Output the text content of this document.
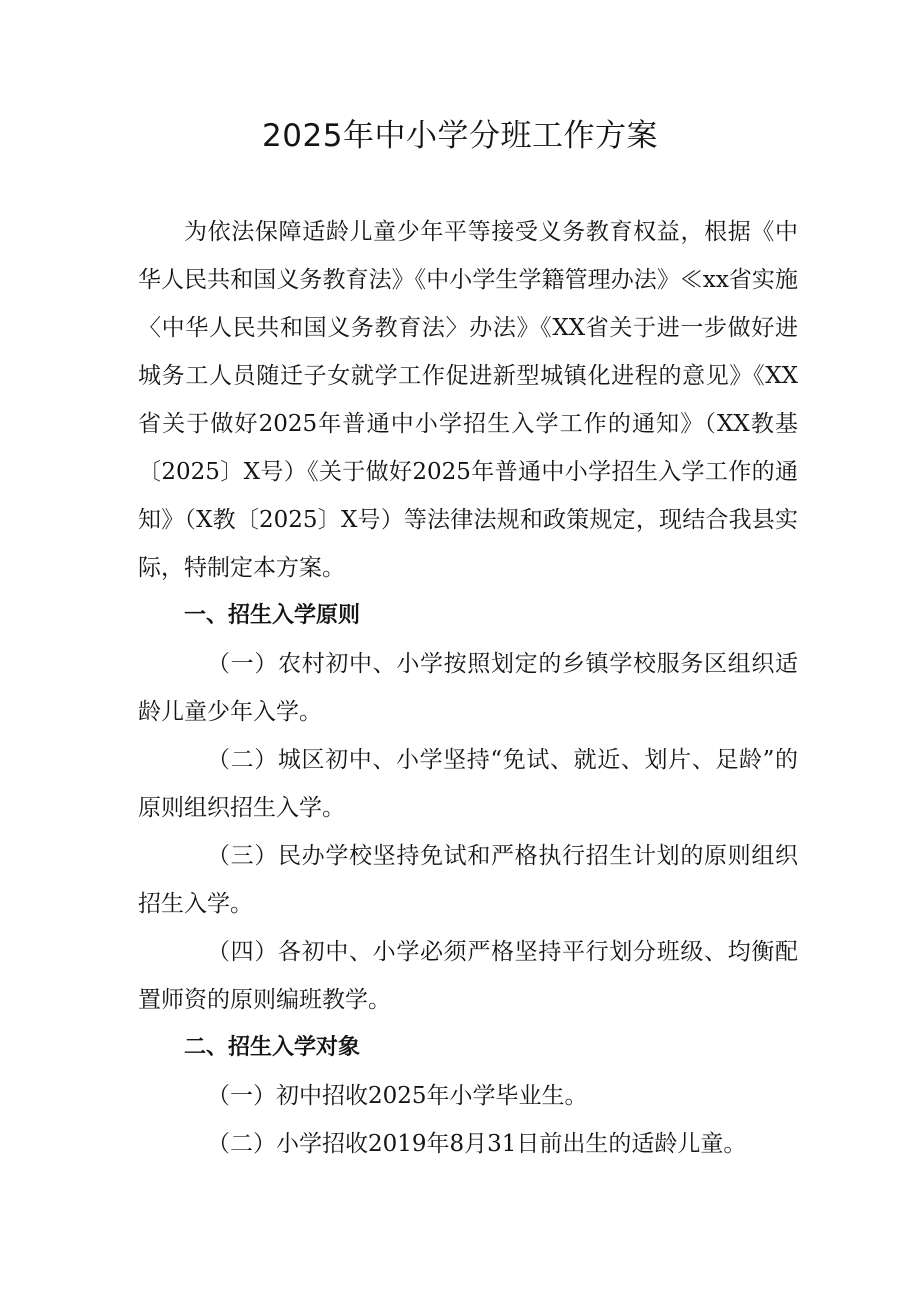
2025年中小学分班工作方案

为依法保障适龄儿童少年平等接受义务教育权益，根据《中华人民共和国义务教育法》《中小学生学籍管理办法》≪xx省实施〈中华人民共和国义务教育法〉办法》《XX省关于进一步做好进城务工人员随迁子女就学工作促进新型城镇化进程的意见》《XX省关于做好2025年普通中小学招生入学工作的通知》（XX教基〔2025〕X号）《关于做好2025年普通中小学招生入学工作的通知》（X教〔2025〕X号）等法律法规和政策规定，现结合我县实际，特制定本方案。

一、招生入学原则

（一）农村初中、小学按照划定的乡镇学校服务区组织适龄儿童少年入学。

（二）城区初中、小学坚持“免试、就近、划片、足龄”的原则组织招生入学。

（三）民办学校坚持免试和严格执行招生计划的原则组织招生入学。

（四）各初中、小学必须严格坚持平行划分班级、均衡配置师资的原则编班教学。

二、招生入学对象

（一）初中招收2025年小学毕业生。

（二）小学招收2019年8月31日前出生的适龄儿童。
